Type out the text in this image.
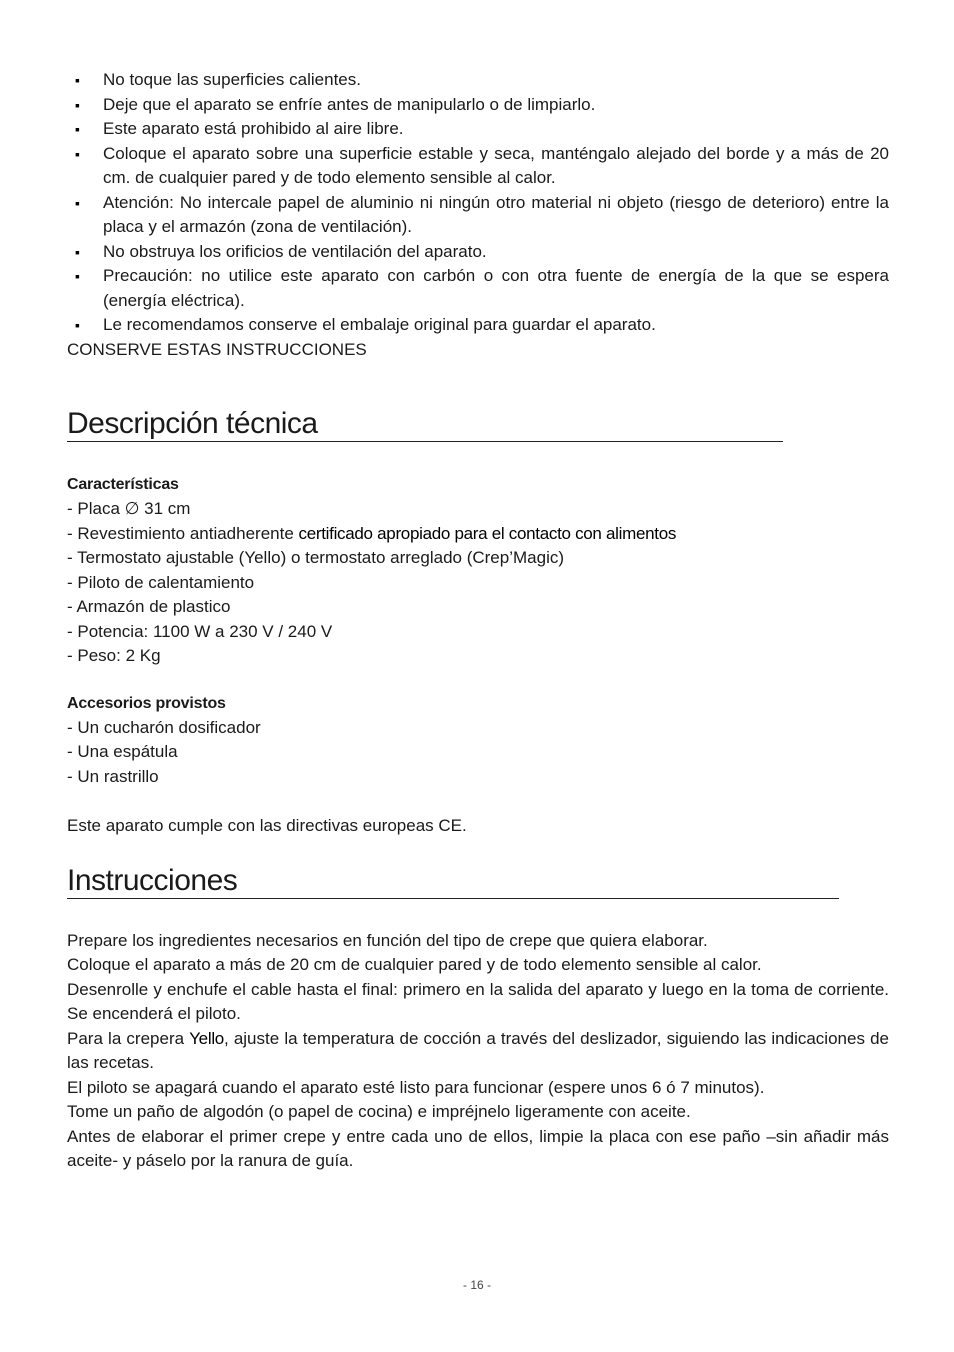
▪ No toque las superficies calientes.
▪ Deje que el aparato se enfríe antes de manipularlo o de limpiarlo.
▪ Este aparato está prohibido al aire libre.
▪ Coloque el aparato sobre una superficie estable y seca, manténgalo alejado del borde y a más de 20 cm. de cualquier pared y de todo elemento sensible al calor.
▪ Atención: No intercale papel de aluminio ni ningún otro material ni objeto (riesgo de deterioro) entre la placa y el armazón (zona de ventilación).
▪ No obstruya los orificios de ventilación del aparato.
▪ Precaución: no utilice este aparato con carbón o con otra fuente de energía de la que se espera (energía eléctrica).
▪ Le recomendamos conserve el embalaje original para guardar el aparato.
CONSERVE ESTAS INSTRUCCIONES
Descripción técnica
Características
- Placa ∅ 31 cm
- Revestimiento antiadherente certificado apropiado para el contacto con alimentos
- Termostato ajustable (Yello) o termostato arreglado (Crep’Magic)
- Piloto de calentamiento
- Armazón de plastico
- Potencia: 1100 W a 230 V / 240 V
- Peso: 2 Kg
Accesorios provistos
- Un cucharón dosificador
- Una espátula
- Un rastrillo
Este aparato cumple con las directivas europeas CE.
Instrucciones

Prepare los ingredientes necesarios en función del tipo de crepe que quiera elaborar.

Coloque el aparato a más de 20 cm de cualquier pared y de todo elemento sensible al calor.

Desenrolle y enchufe el cable hasta el final: primero en la salida del aparato y luego en la toma de corriente. Se encenderá el piloto.

Para la crepera Yello, ajuste la temperatura de cocción a través del deslizador, siguiendo las indicaciones de las recetas.

El piloto se apagará cuando el aparato esté listo para funcionar (espere unos 6 ó 7 minutos).

Tome un paño de algodón (o papel de cocina) e impréjnelo ligeramente con aceite.

Antes de elaborar el primer crepe y entre cada uno de ellos, limpie la placa con ese paño –sin añadir más aceite- y páselo por la ranura de guía.

- 16 -
